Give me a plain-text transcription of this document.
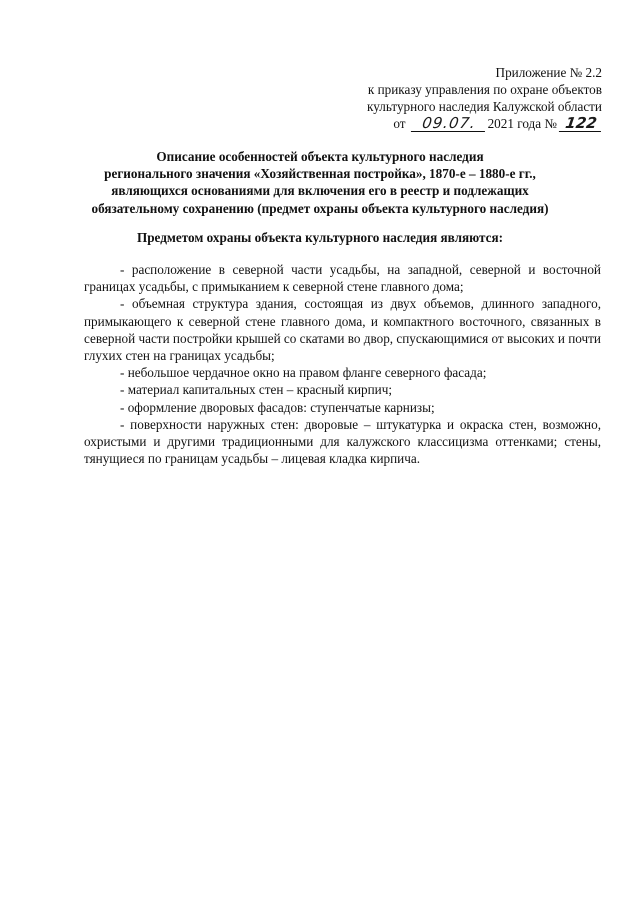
Приложение № 2.2
к приказу управления по охране объектов
культурного наследия Калужской области
от 09.07. 2021 года № 122
Описание особенностей объекта культурного наследия
регионального значения «Хозяйственная постройка», 1870-е – 1880-е гг.,
являющихся основаниями для включения его в реестр и подлежащих
обязательному сохранению (предмет охраны объекта культурного наследия)
Предметом охраны объекта культурного наследия являются:

- расположение в северной части усадьбы, на западной, северной и восточной границах усадьбы, с примыканием к северной стене главного дома;

- объемная структура здания, состоящая из двух объемов, длинного западного, примыкающего к северной стене главного дома, и компактного восточного, связанных в северной части постройки крышей со скатами во двор, спускающимися от высоких и почти глухих стен на границах усадьбы;

- небольшое чердачное окно на правом фланге северного фасада;

- материал капитальных стен – красный кирпич;

- оформление дворовых фасадов: ступенчатые карнизы;

- поверхности наружных стен: дворовые – штукатурка и окраска стен, возможно, охристыми и другими традиционными для калужского классицизма оттенками; стены, тянущиеся по границам усадьбы – лицевая кладка кирпича.
